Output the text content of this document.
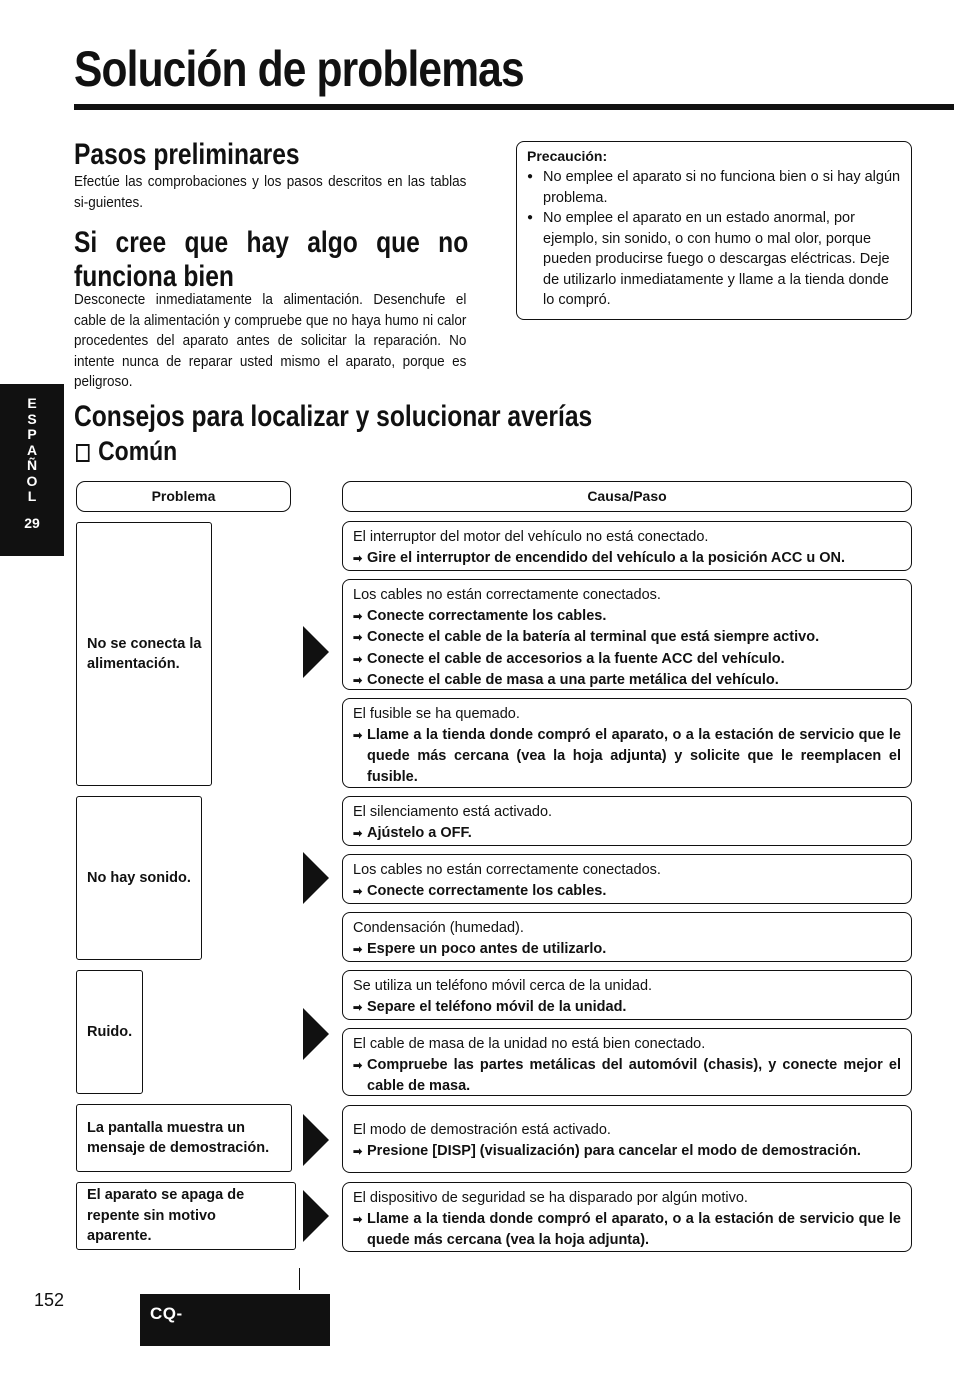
Solución de problemas
Pasos preliminares
Efectúe las comprobaciones y los pasos descritos en las tablas si-guientes.
Si cree que hay algo que no
funciona bien
Desconecte inmediatamente la alimentación. Desenchufe el cable de la alimentación y compruebe que no haya humo ni calor procedentes del aparato antes de solicitar la reparación. No intente nunca de reparar usted mismo el aparato, porque es peligroso.
Precaución:
● No emplee el aparato si no funciona bien o si hay algún problema.
● No emplee el aparato en un estado anormal, por ejemplo, sin sonido, o con humo o mal olor, porque pueden producirse fuego o descargas eléctricas. Deje de utilizarlo inmediatamente y llame a la tienda donde lo compró.
E
S
P
A
Ñ
O
L
29
Consejos para localizar y solucionar averías
Común
Problema	Causa/Paso
No se conecta la
alimentación.
No hay sonido.
Ruido.
La pantalla muestra un
mensaje de demostración.
El aparato se apaga de
repente sin motivo
aparente.
El interruptor del motor del vehículo no está conectado.
➡ Gire el interruptor de encendido del vehículo a la posición ACC u ON.
Los cables no están correctamente conectados.
➡ Conecte correctamente los cables.
➡ Conecte el cable de la batería al terminal que está siempre activo.
➡ Conecte el cable de accesorios a la fuente ACC del vehículo.
➡ Conecte el cable de masa a una parte metálica del vehículo.
El fusible se ha quemado.
➡ Llame a la tienda donde compró el aparato, o a la estación de servicio que le quede más cercana (vea la hoja adjunta) y solicite que le reemplacen el fusible.
El silenciamento está activado.
➡ Ajústelo a OFF.
Los cables no están correctamente conectados.
➡ Conecte correctamente los cables.
Condensación (humedad).
➡ Espere un poco antes de utilizarlo.
Se utiliza un teléfono móvil cerca de la unidad.
➡ Separe el teléfono móvil de la unidad.
El cable de masa de la unidad no está bien conectado.
➡ Compruebe las partes metálicas del automóvil (chasis), y conecte mejor el cable de masa.
El modo de demostración está activado.
➡ Presione [DISP] (visualización) para cancelar el modo de demostración.
El dispositivo de seguridad se ha disparado por algún motivo.
➡ Llame a la tienda donde compró el aparato, o a la estación de servicio que le quede más cercana (vea la hoja adjunta).
152
CQ-HX1083/HR10¯3U
